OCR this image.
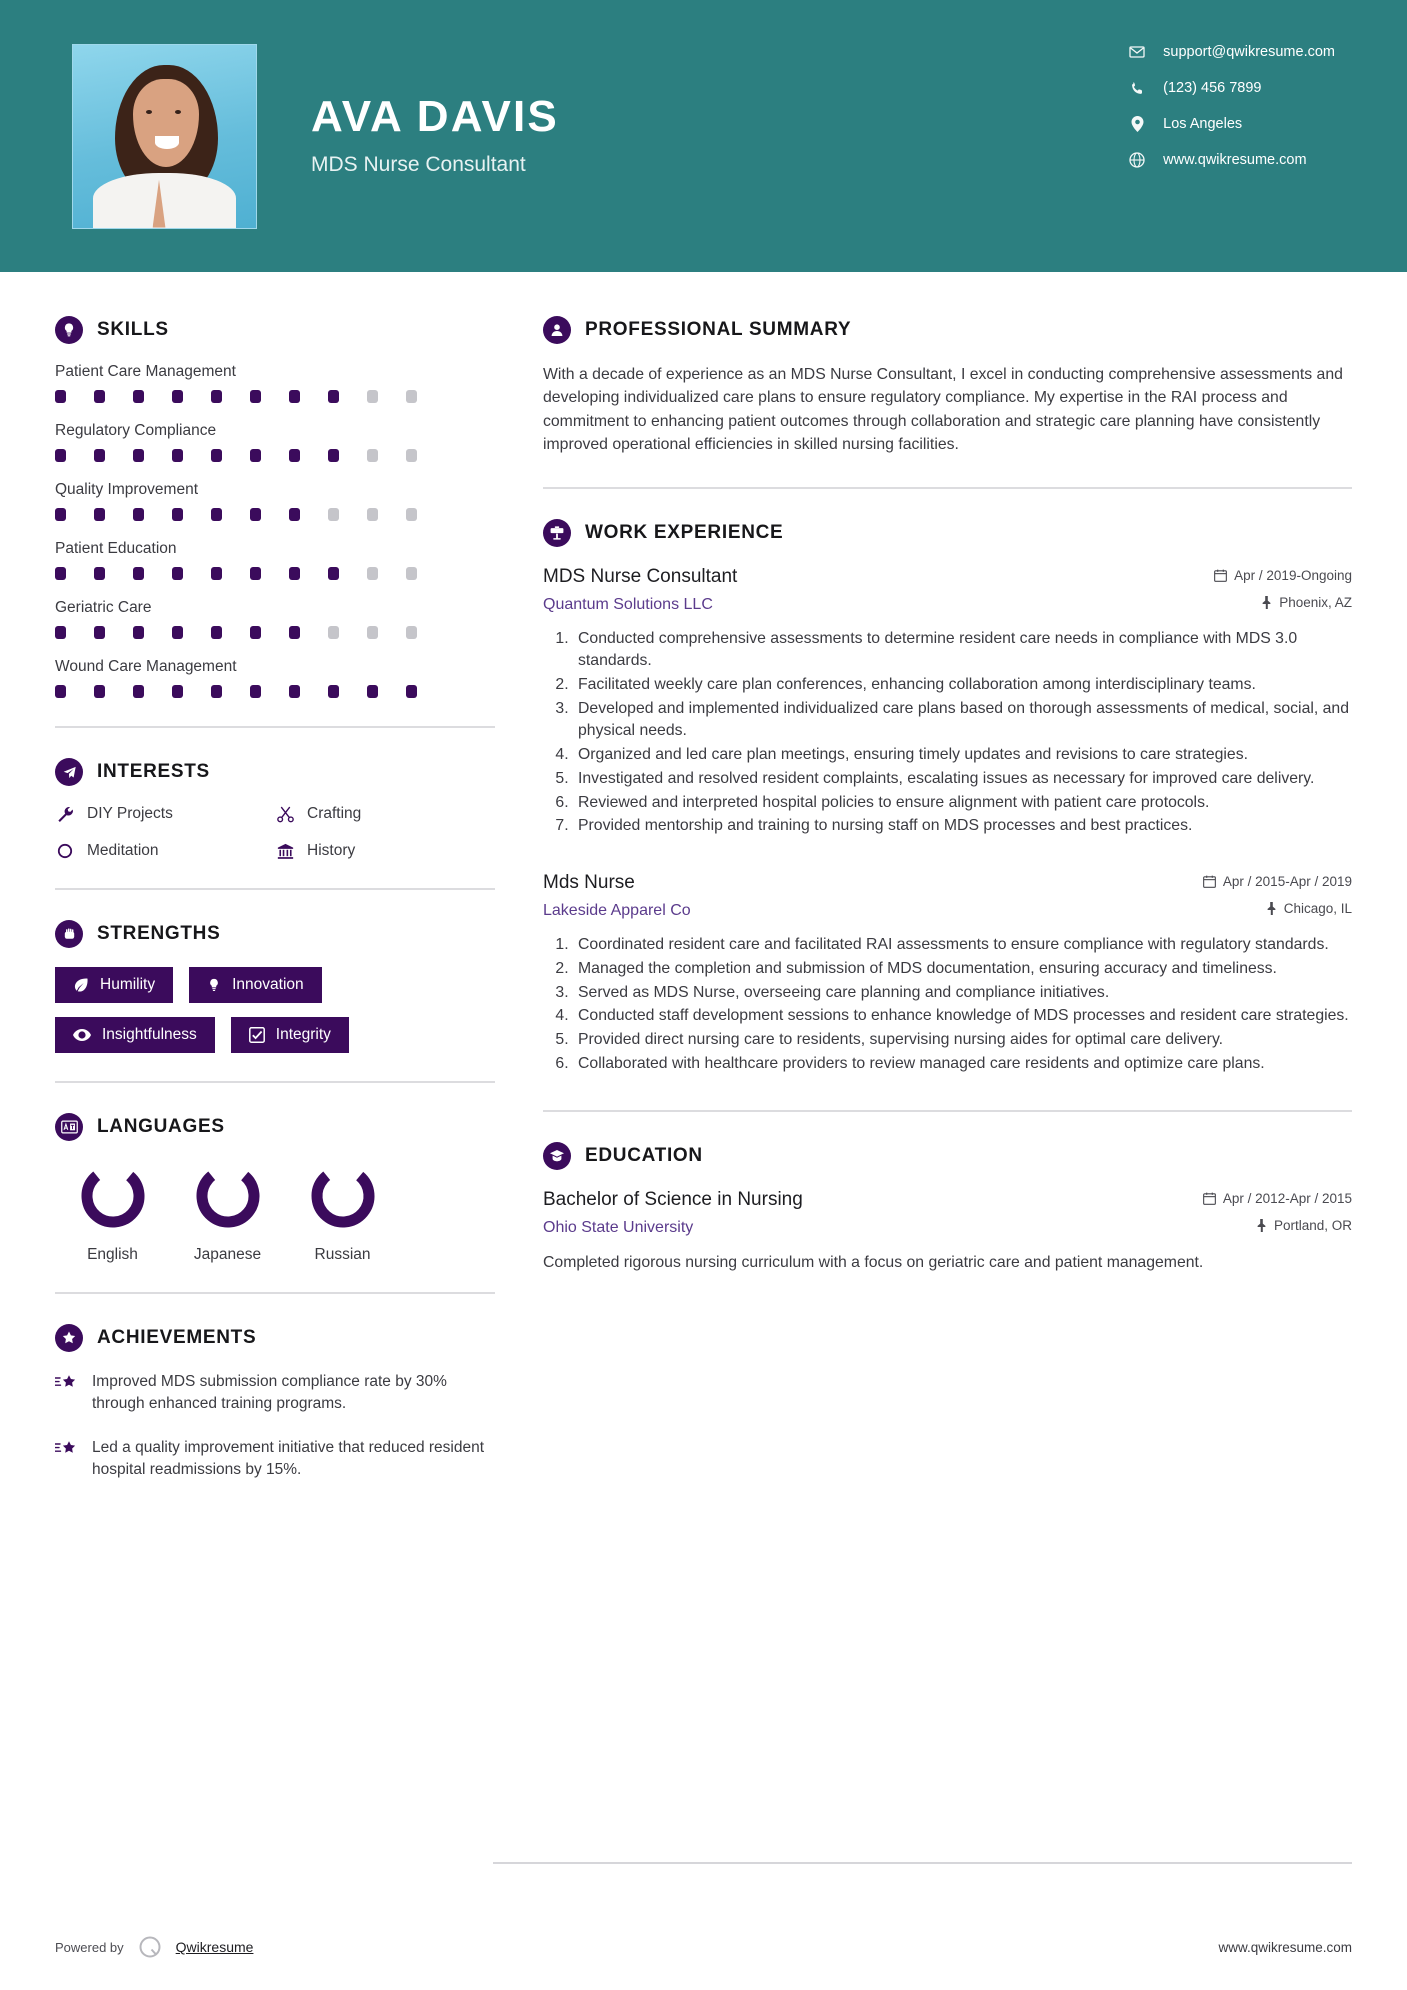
AVA DAVIS
MDS Nurse Consultant
support@qwikresume.com
(123) 456 7899
Los Angeles
www.qwikresume.com
SKILLS
Patient Care Management
Regulatory Compliance
Quality Improvement
Patient Education
Geriatric Care
Wound Care Management
INTERESTS
DIY Projects	Crafting
Meditation	History
STRENGTHS
Humility	Innovation
Insightfulness	Integrity
LANGUAGES
English	Japanese	Russian
ACHIEVEMENTS
Improved MDS submission compliance rate by 30% through enhanced training programs.
Led a quality improvement initiative that reduced resident hospital readmissions by 15%.
PROFESSIONAL SUMMARY
With a decade of experience as an MDS Nurse Consultant, I excel in conducting comprehensive assessments and developing individualized care plans to ensure regulatory compliance. My expertise in the RAI process and commitment to enhancing patient outcomes through collaboration and strategic care planning have consistently improved operational efficiencies in skilled nursing facilities.
WORK EXPERIENCE
MDS Nurse Consultant	Apr / 2019-Ongoing
Quantum Solutions LLC	Phoenix, AZ
1. Conducted comprehensive assessments to determine resident care needs in compliance with MDS 3.0 standards.
2. Facilitated weekly care plan conferences, enhancing collaboration among interdisciplinary teams.
3. Developed and implemented individualized care plans based on thorough assessments of medical, social, and physical needs.
4. Organized and led care plan meetings, ensuring timely updates and revisions to care strategies.
5. Investigated and resolved resident complaints, escalating issues as necessary for improved care delivery.
6. Reviewed and interpreted hospital policies to ensure alignment with patient care protocols.
7. Provided mentorship and training to nursing staff on MDS processes and best practices.
Mds Nurse	Apr / 2015-Apr / 2019
Lakeside Apparel Co	Chicago, IL
1. Coordinated resident care and facilitated RAI assessments to ensure compliance with regulatory standards.
2. Managed the completion and submission of MDS documentation, ensuring accuracy and timeliness.
3. Served as MDS Nurse, overseeing care planning and compliance initiatives.
4. Conducted staff development sessions to enhance knowledge of MDS processes and resident care strategies.
5. Provided direct nursing care to residents, supervising nursing aides for optimal care delivery.
6. Collaborated with healthcare providers to review managed care residents and optimize care plans.
EDUCATION
Bachelor of Science in Nursing	Apr / 2012-Apr / 2015
Ohio State University	Portland, OR
Completed rigorous nursing curriculum with a focus on geriatric care and patient management.
Powered by	Qwikresume	www.qwikresume.com
